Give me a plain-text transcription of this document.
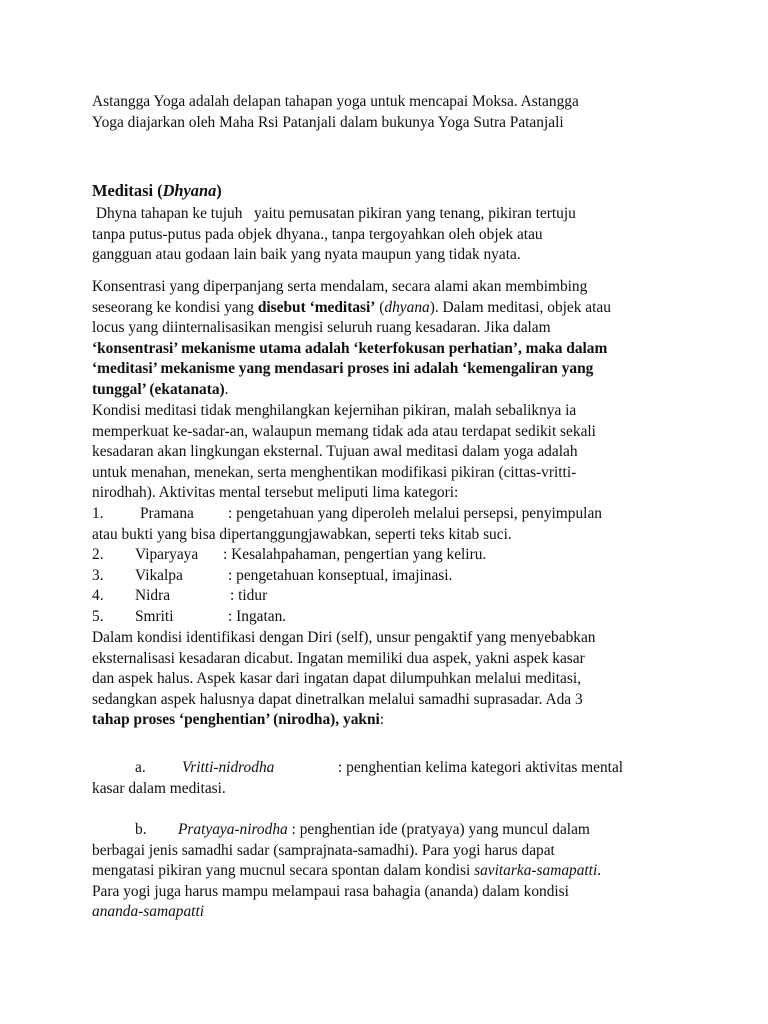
Astangga Yoga adalah delapan tahapan yoga untuk mencapai Moksa. Astangga
Yoga diajarkan oleh Maha Rsi Patanjali dalam bukunya Yoga Sutra Patanjali
Meditasi (Dhyana)
Dhyna tahapan ke tujuh   yaitu pemusatan pikiran yang tenang, pikiran tertuju
tanpa putus-putus pada objek dhyana., tanpa tergoyahkan oleh objek atau
gangguan atau godaan lain baik yang nyata maupun yang tidak nyata.
Konsentrasi yang diperpanjang serta mendalam, secara alami akan membimbing
seseorang ke kondisi yang disebut ‘meditasi’ (dhyana). Dalam meditasi, objek atau
locus yang diinternalisasikan mengisi seluruh ruang kesadaran. Jika dalam
‘konsentrasi’ mekanisme utama adalah ‘keterfokusan perhatian’, maka dalam
‘meditasi’ mekanisme yang mendasari proses ini adalah ‘kemengaliran yang
tunggal’ (ekatanata).
Kondisi meditasi tidak menghilangkan kejernihan pikiran, malah sebaliknya ia
memperkuat ke-sadar-an, walaupun memang tidak ada atau terdapat sedikit sekali
kesadaran akan lingkungan eksternal. Tujuan awal meditasi dalam yoga adalah
untuk menahan, menekan, serta menghentikan modifikasi pikiran (cittas-vritti-
nirodhah). Aktivitas mental tersebut meliputi lima kategori:
1. Pramana : pengetahuan yang diperoleh melalui persepsi, penyimpulan
atau bukti yang bisa dipertanggungjawabkan, seperti teks kitab suci.
2. Viparyaya : Kesalahpahaman, pengertian yang keliru.
3. Vikalpa	: pengetahuan konseptual, imajinasi.
4. Nidra	: tidur
5. Smriti	: Ingatan.
Dalam kondisi identifikasi dengan Diri (self), unsur pengaktif yang menyebabkan
eksternalisasi kesadaran dicabut. Ingatan memiliki dua aspek, yakni aspek kasar
dan aspek halus. Aspek kasar dari ingatan dapat dilumpuhkan melalui meditasi,
sedangkan aspek halusnya dapat dinetralkan melalui samadhi suprasadar. Ada 3
tahap proses ‘penghentian’ (nirodha), yakni:
a. Vritti-nidrodha	: penghentian kelima kategori aktivitas mental
kasar dalam meditasi.
b. Pratyaya-nirodha : penghentian ide (pratyaya) yang muncul dalam
berbagai jenis samadhi sadar (samprajnata-samadhi). Para yogi harus dapat
mengatasi pikiran yang mucnul secara spontan dalam kondisi savitarka-samapatti.
Para yogi juga harus mampu melampaui rasa bahagia (ananda) dalam kondisi
ananda-samapatti
